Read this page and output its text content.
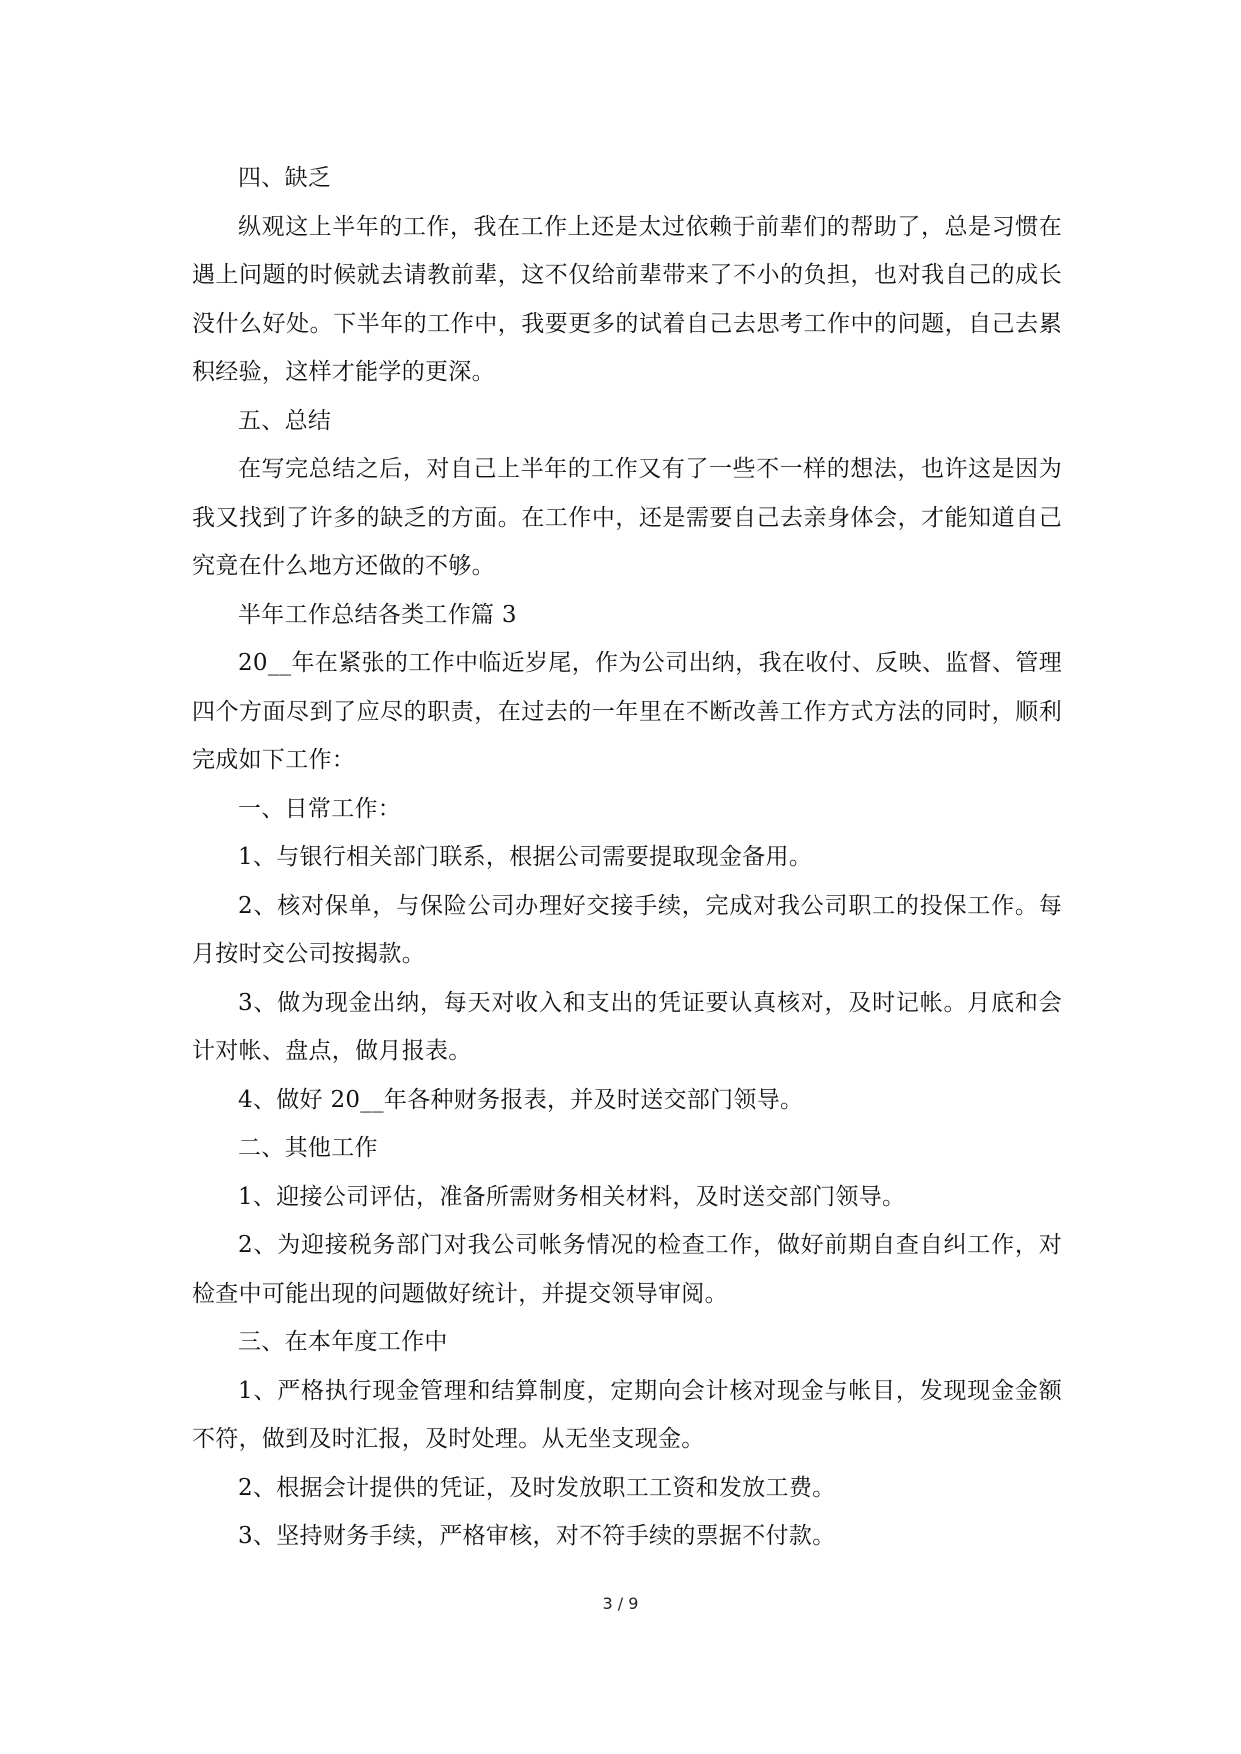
四、缺乏

纵观这上半年的工作，我在工作上还是太过依赖于前辈们的帮助了，总是习惯在遇上问题的时候就去请教前辈，这不仅给前辈带来了不小的负担，也对我自己的成长没什么好处。下半年的工作中，我要更多的试着自己去思考工作中的问题，自己去累积经验，这样才能学的更深。

五、总结

在写完总结之后，对自己上半年的工作又有了一些不一样的想法，也许这是因为我又找到了许多的缺乏的方面。在工作中，还是需要自己去亲身体会，才能知道自己究竟在什么地方还做的不够。

半年工作总结各类工作篇 3

20__年在紧张的工作中临近岁尾，作为公司出纳，我在收付、反映、监督、管理四个方面尽到了应尽的职责，在过去的一年里在不断改善工作方式方法的同时，顺利完成如下工作：

一、日常工作：

1、与银行相关部门联系，根据公司需要提取现金备用。

2、核对保单，与保险公司办理好交接手续，完成对我公司职工的投保工作。每月按时交公司按揭款。

3、做为现金出纳，每天对收入和支出的凭证要认真核对，及时记帐。月底和会计对帐、盘点，做月报表。

4、做好 20__年各种财务报表，并及时送交部门领导。

二、其他工作

1、迎接公司评估，准备所需财务相关材料，及时送交部门领导。

2、为迎接税务部门对我公司帐务情况的检查工作，做好前期自查自纠工作，对检查中可能出现的问题做好统计，并提交领导审阅。

三、在本年度工作中

1、严格执行现金管理和结算制度，定期向会计核对现金与帐目，发现现金金额不符，做到及时汇报，及时处理。从无坐支现金。

2、根据会计提供的凭证，及时发放职工工资和发放工费。

3、坚持财务手续，严格审核，对不符手续的票据不付款。

3 / 9
